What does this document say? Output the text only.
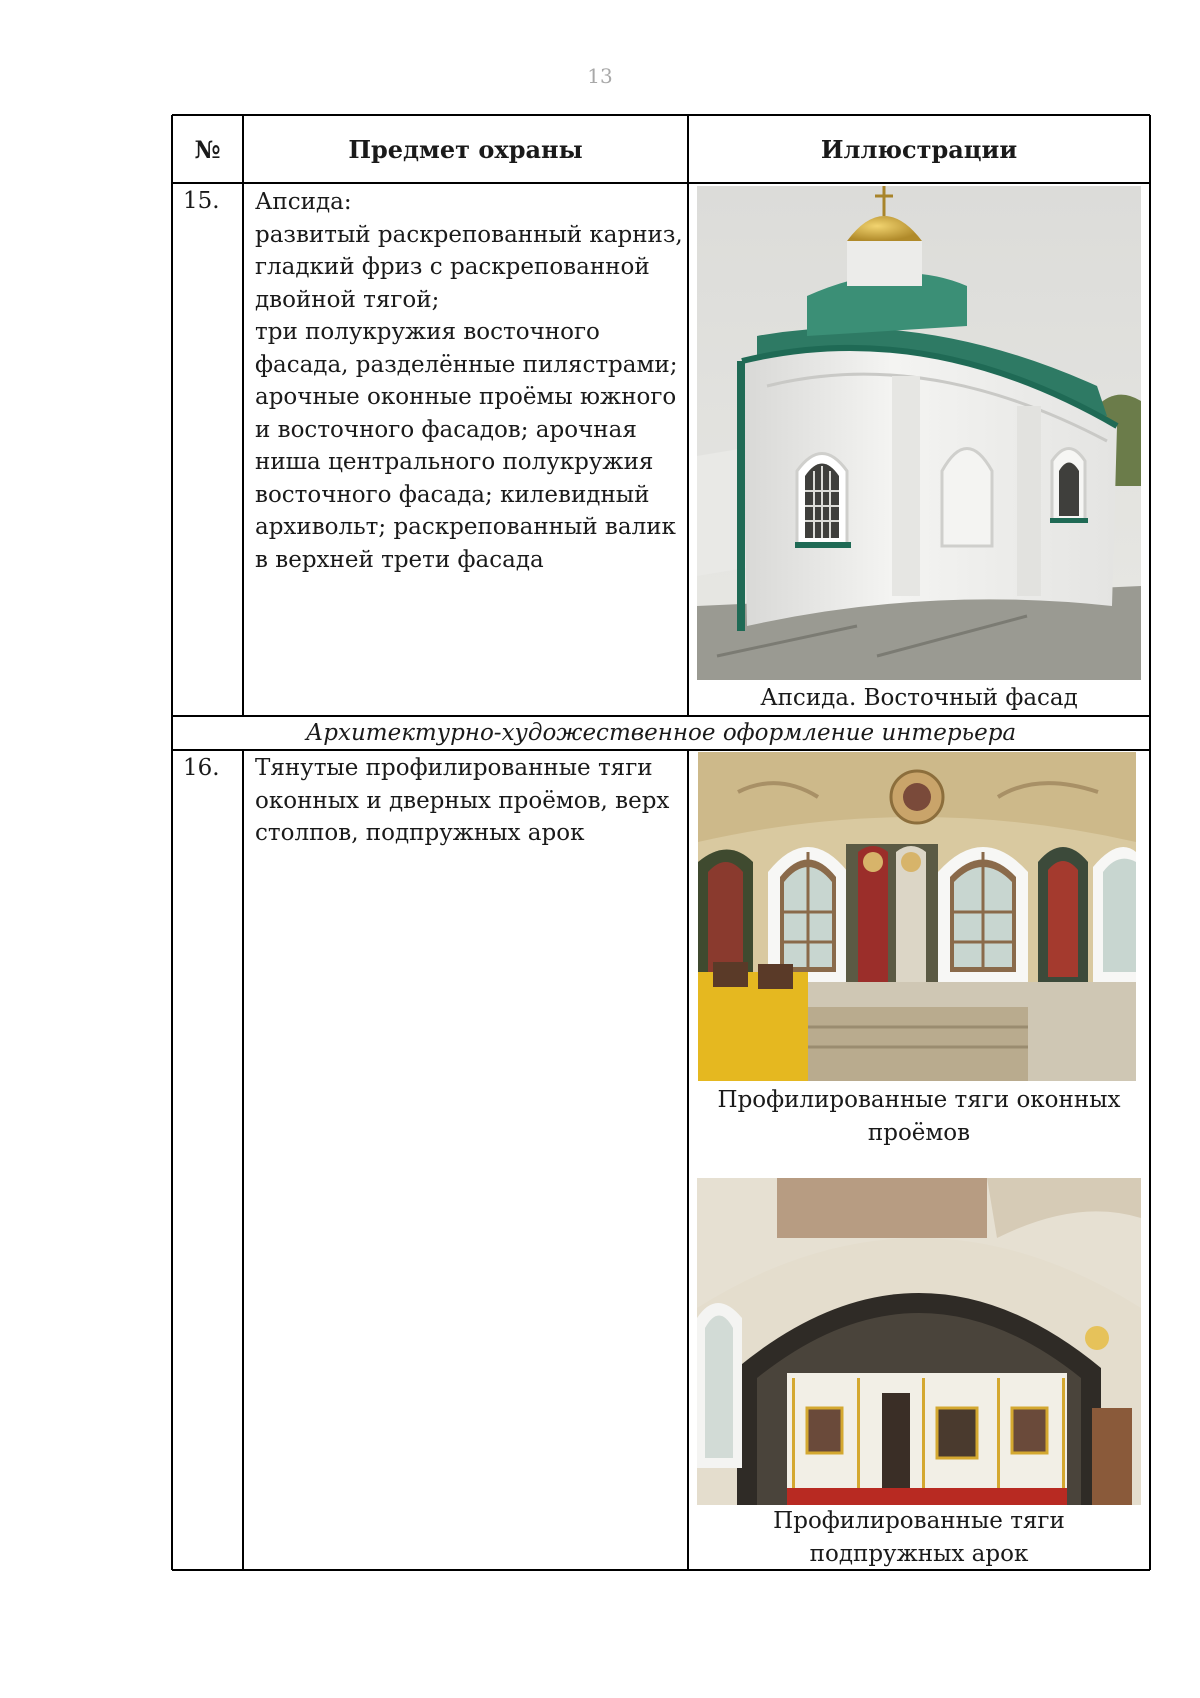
13
№	Предмет охраны	Иллюстрации
15. Апсида:
развитый раскрепованный карниз,
гладкий фриз с раскрепованной
двойной тягой;
три полукружия восточного
фасада, разделённые пилястрами;
арочные оконные проёмы южного
и восточного фасадов; арочная
ниша центрального полукружия
восточного фасада; килевидный
архивольт; раскрепованный валик
в верхней трети фасада
Апсида. Восточный фасад
Архитектурно-художественное оформление интерьера
16. Тянутые профилированные тяги
оконных и дверных проёмов, верх
столпов, подпружных арок
Профилированные тяги оконных
проёмов
Профилированные тяги
подпружных арок
